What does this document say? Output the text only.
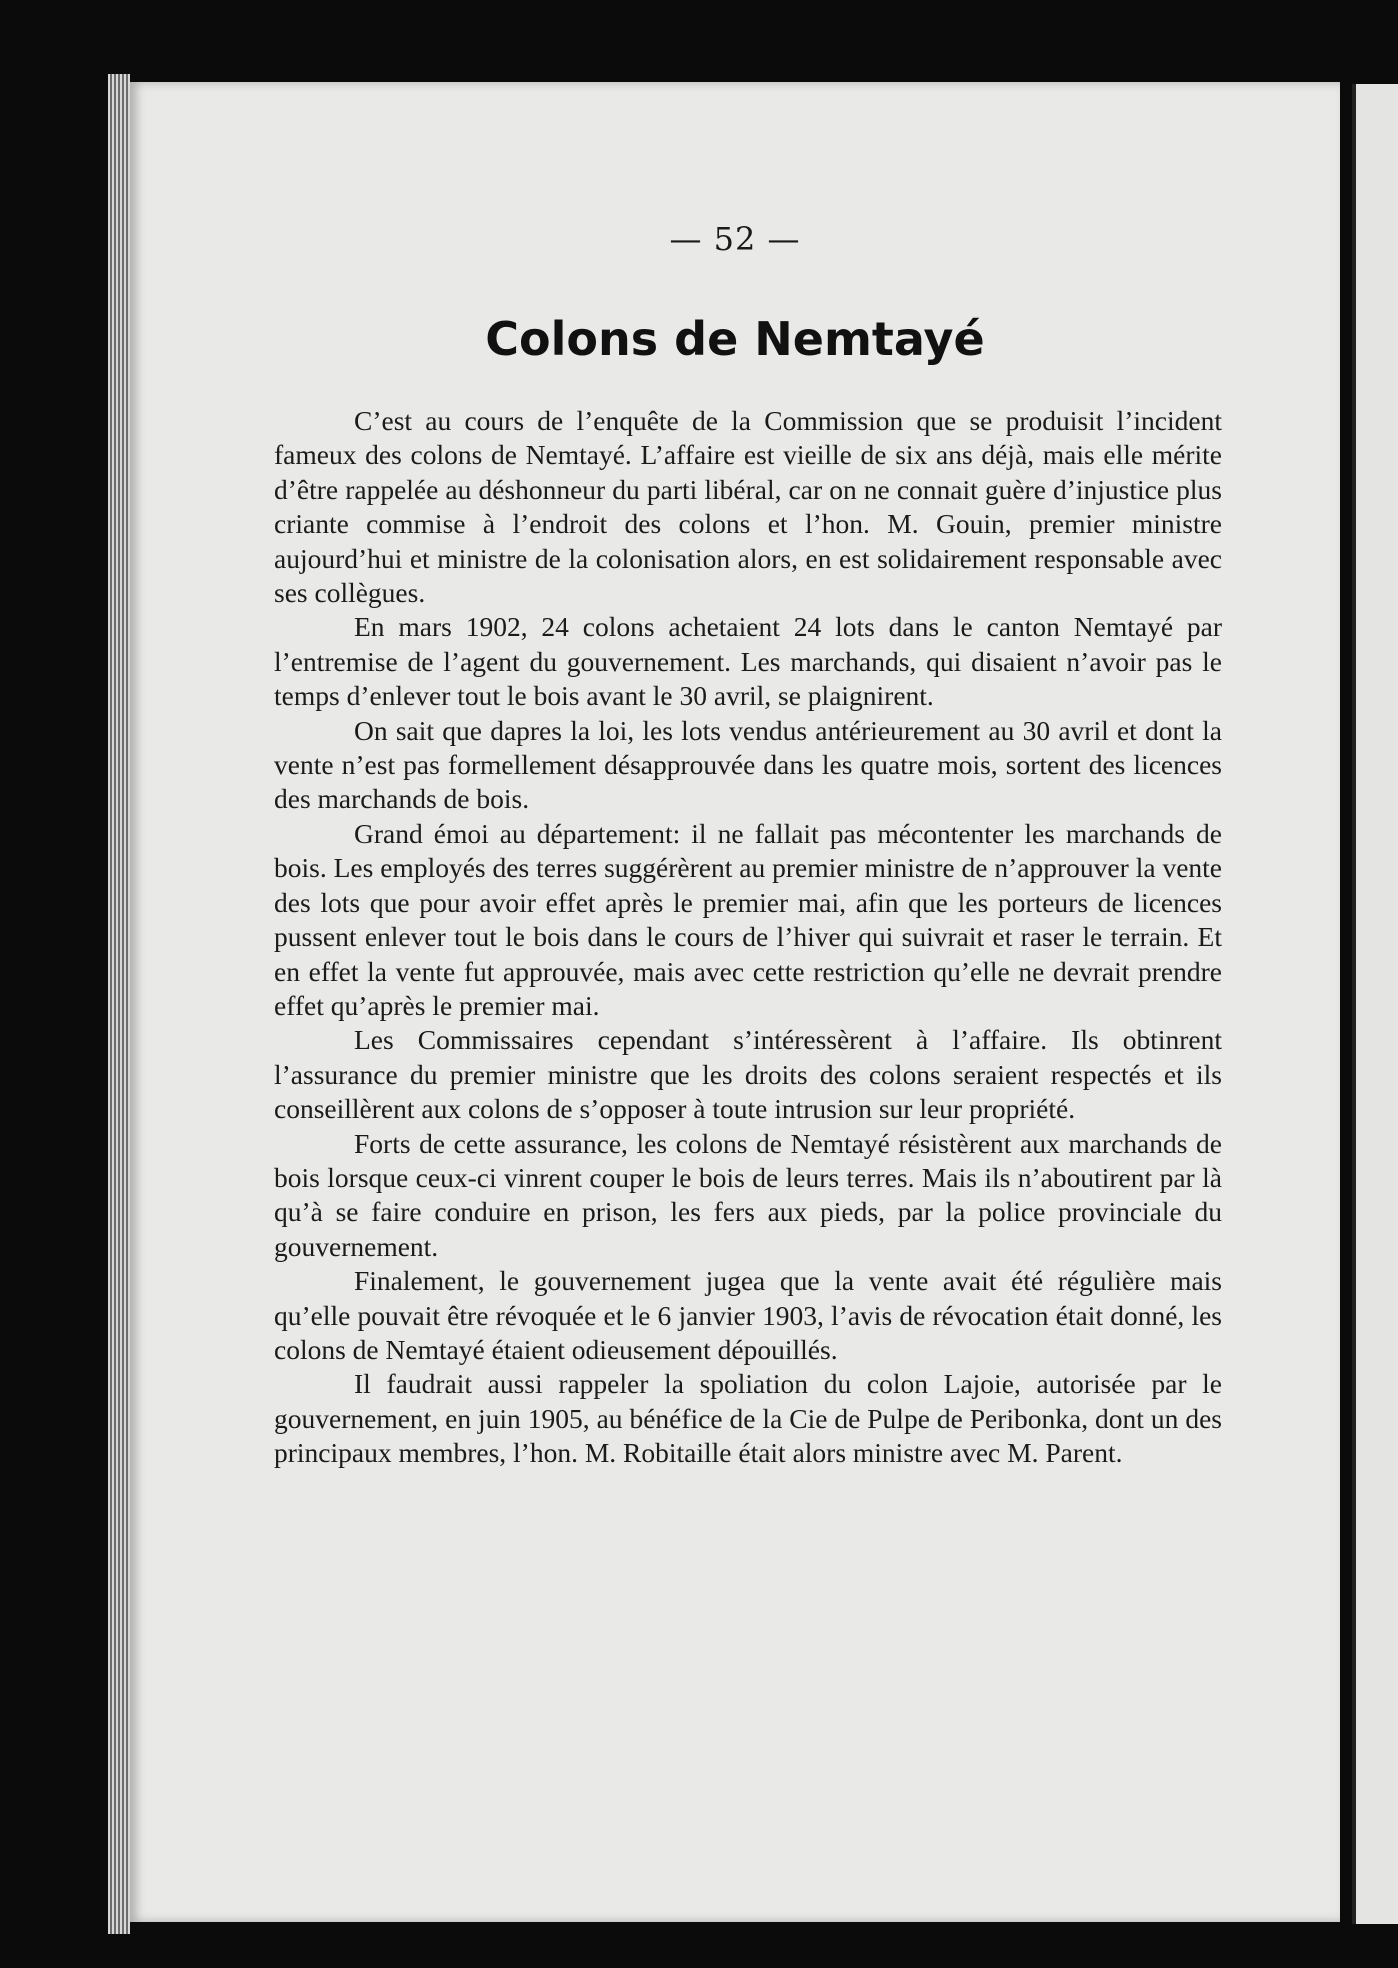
— 52 —
Colons de Nemtayé

C’est au cours de l’enquête de la Commission que se produisit l’incident fameux des colons de Nemtayé. L’affaire est vieille de six ans déjà, mais elle mérite d’être rappelée au déshonneur du parti libéral, car on ne connait guère d’injustice plus criante commise à l’endroit des colons et l’hon. M. Gouin, premier ministre aujourd’hui et ministre de la colonisation alors, en est solidairement responsable avec ses collègues.

En mars 1902, 24 colons achetaient 24 lots dans le canton Nemtayé par l’entremise de l’agent du gouvernement. Les marchands, qui disaient n’avoir pas le temps d’enlever tout le bois avant le 30 avril, se plaignirent.

On sait que dapres la loi, les lots vendus antérieurement au 30 avril et dont la vente n’est pas formellement désapprouvée dans les quatre mois, sortent des licences des marchands de bois.

Grand émoi au département: il ne fallait pas mécontenter les marchands de bois. Les employés des terres suggérèrent au premier ministre de n’approuver la vente des lots que pour avoir effet après le premier mai, afin que les porteurs de licences pussent enlever tout le bois dans le cours de l’hiver qui suivrait et raser le terrain. Et en effet la vente fut approuvée, mais avec cette restriction qu’elle ne devrait prendre effet qu’après le premier mai.

Les Commissaires cependant s’intéressèrent à l’affaire. Ils obtinrent l’assurance du premier ministre que les droits des colons seraient respectés et ils conseillèrent aux colons de s’opposer à toute intrusion sur leur propriété.

Forts de cette assurance, les colons de Nemtayé résistèrent aux marchands de bois lorsque ceux-ci vinrent couper le bois de leurs terres. Mais ils n’aboutirent par là qu’à se faire conduire en prison, les fers aux pieds, par la police provinciale du gouvernement.

Finalement, le gouvernement jugea que la vente avait été régulière mais qu’elle pouvait être révoquée et le 6 janvier 1903, l’avis de révocation était donné, les colons de Nemtayé étaient odieusement dépouillés.

Il faudrait aussi rappeler la spoliation du colon Lajoie, autorisée par le gouvernement, en juin 1905, au bénéfice de la Cie de Pulpe de Peribonka, dont un des principaux membres, l’hon. M. Robitaille était alors ministre avec M. Parent.
